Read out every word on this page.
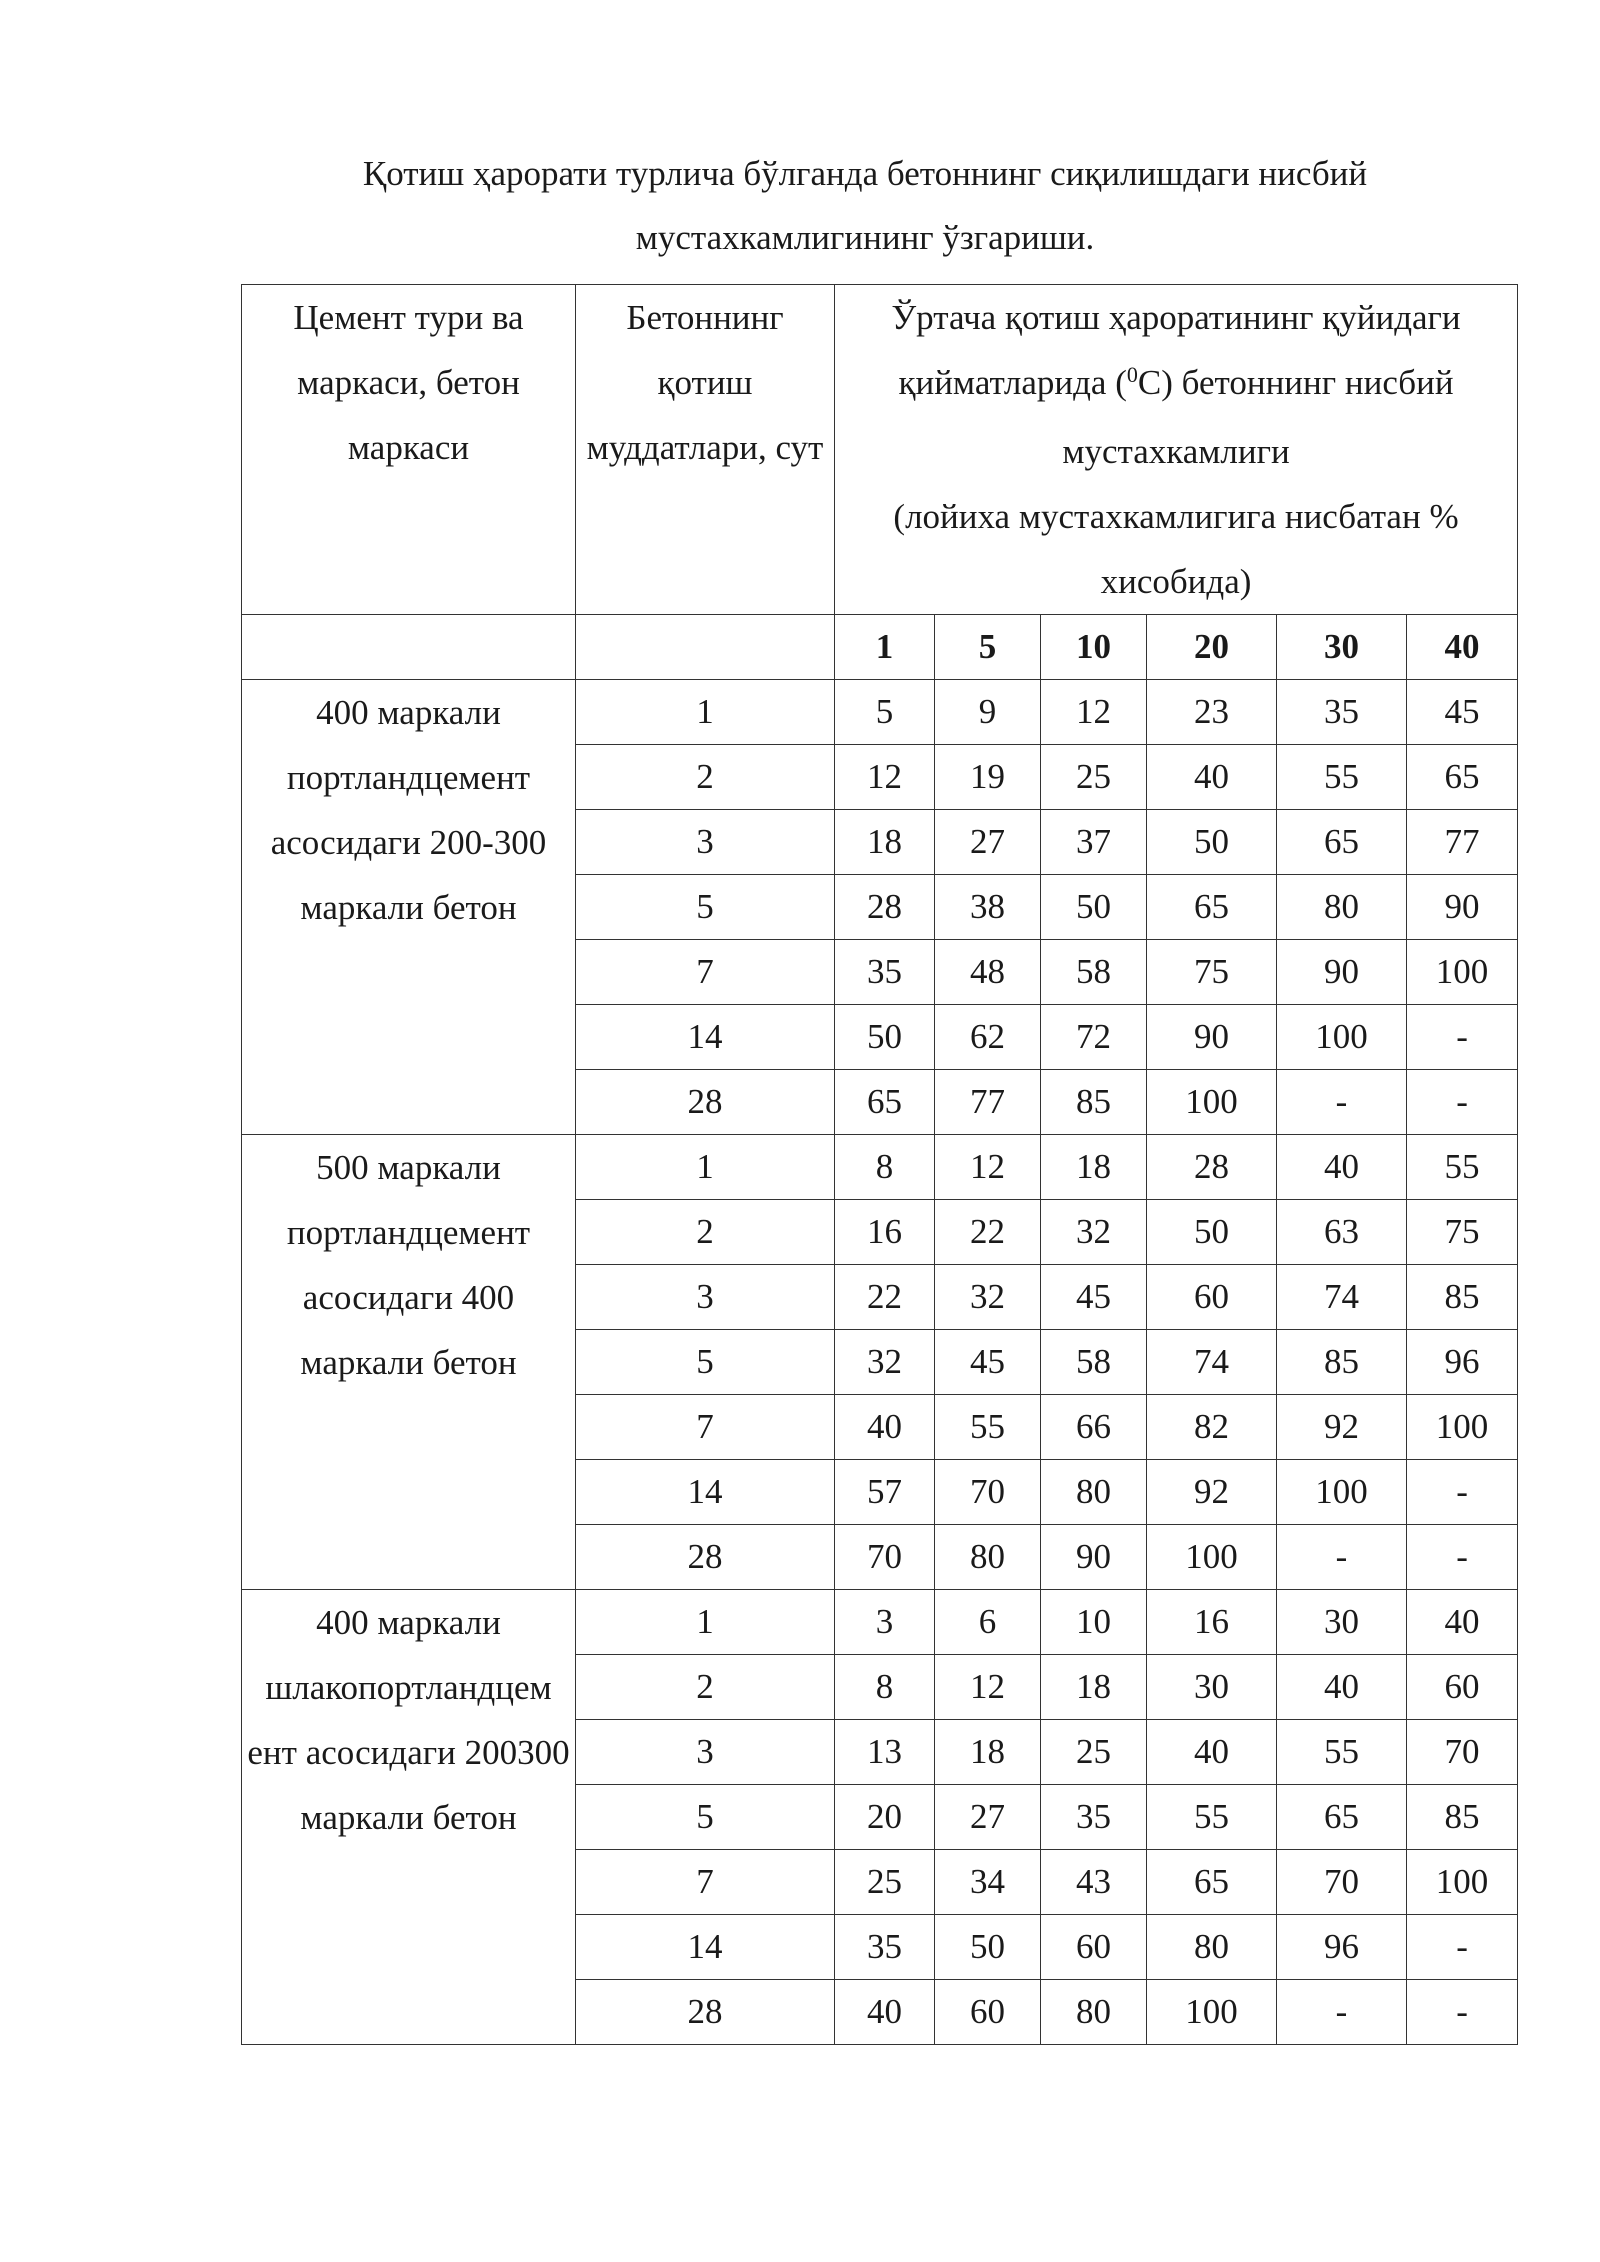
Қотиш ҳарорати турлича бўлганда бетоннинг сиқилишдаги нисбий
мустахкамлигининг ўзгариши.
Цемент тури ва маркаси, бетон маркаси	Бетоннинг қотиш муддатлари, сут	Ўртача қотиш ҳароратининг қуйидаги қийматларида ($^0$C) бетоннинг нисбий мустахкамлиги
(лойиха мустахкамлигига нисбатан % хисобида)					
		1	5	10	20	30	40
400 маркали портландцемент асосидаги 200-300 маркали бетон	1	5	9	12	23	35	45
	2	12	19	25	40	55	65
	3	18	27	37	50	65	77
	5	28	38	50	65	80	90
	7	35	48	58	75	90	100
	14	50	62	72	90	100	-
	28	65	77	85	100	-	-
500 маркали портландцемент асосидаги 400 маркали бетон	1	8	12	18	28	40	55
	2	16	22	32	50	63	75
	3	22	32	45	60	74	85
	5	32	45	58	74	85	96
	7	40	55	66	82	92	100
	14	57	70	80	92	100	-
	28	70	80	90	100	-	-
400 маркали шлакопортландцем ент асосидаги 200300 маркали бетон	1	3	6	10	16	30	40
	2	8	12	18	30	40	60
	3	13	18	25	40	55	70
	5	20	27	35	55	65	85
	7	25	34	43	65	70	100
	14	35	50	60	80	96	-
	28	40	60	80	100	-	-
